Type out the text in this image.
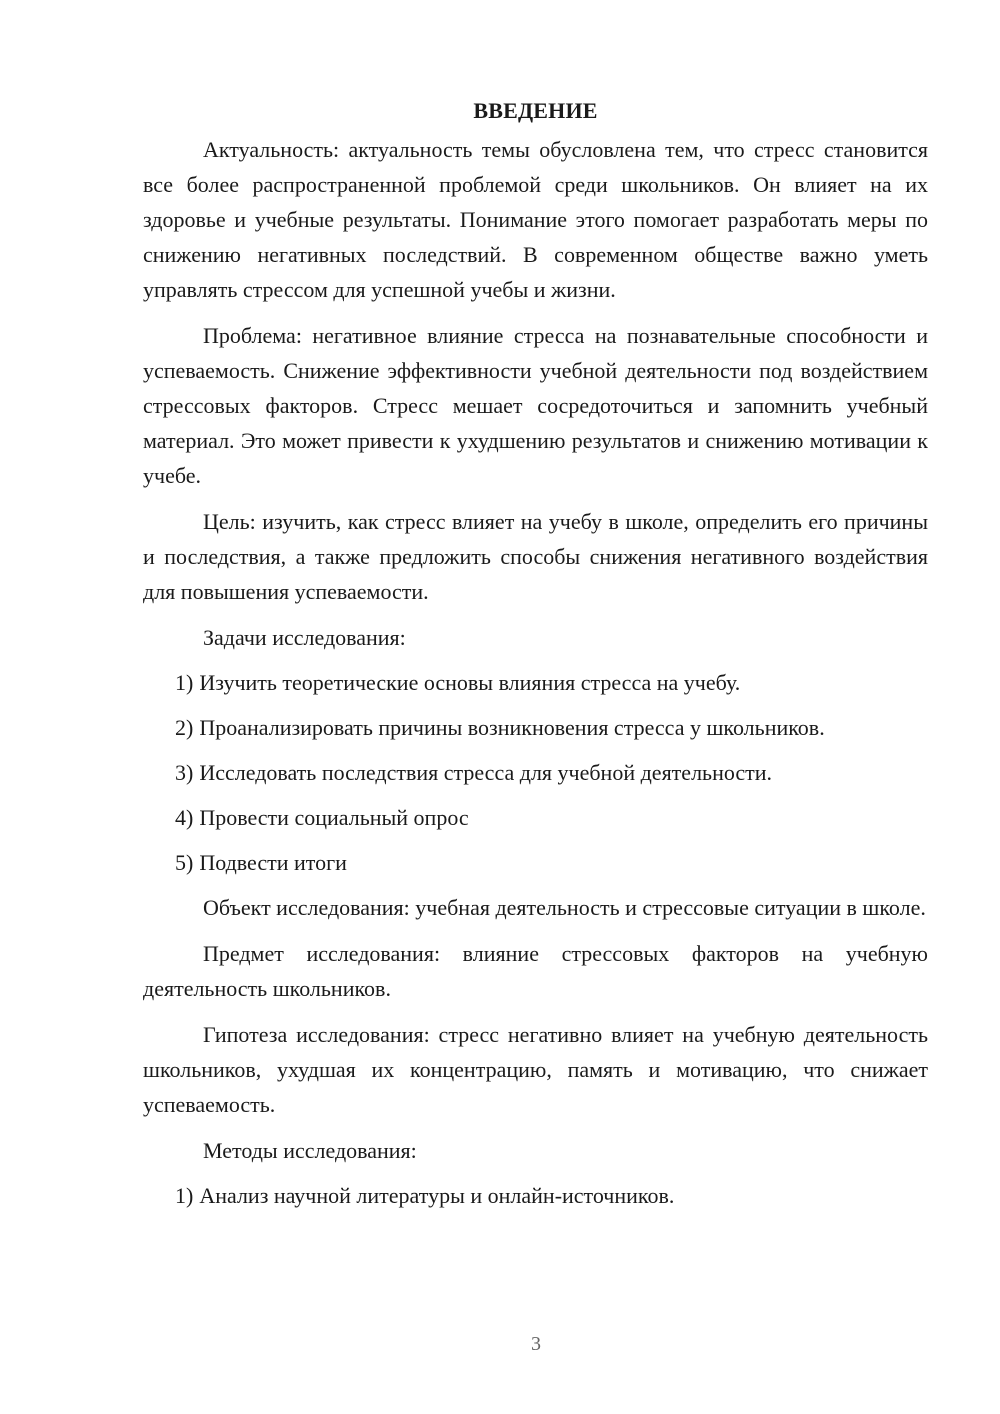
ВВЕДЕНИЕ

Актуальность: актуальность темы обусловлена тем, что стресс становится все более распространенной проблемой среди школьников. Он влияет на их здоровье и учебные результаты. Понимание этого помогает разработать меры по снижению негативных последствий. В современном обществе важно уметь управлять стрессом для успешной учебы и жизни.

Проблема: негативное влияние стресса на познавательные способности и успеваемость. Снижение эффективности учебной деятельности под воздействием стрессовых факторов. Стресс мешает сосредоточиться и запомнить учебный материал. Это может привести к ухудшению результатов и снижению мотивации к учебе.

Цель: изучить, как стресс влияет на учебу в школе, определить его причины и последствия, а также предложить способы снижения негативного воздействия для повышения успеваемости.

Задачи исследования:

1) Изучить теоретические основы влияния стресса на учебу.
2) Проанализировать причины возникновения стресса у школьников.
3) Исследовать последствия стресса для учебной деятельности.
4) Провести социальный опрос
5) Подвести итоги

Объект исследования: учебная деятельность и стрессовые ситуации в школе.

Предмет исследования: влияние стрессовых факторов на учебную деятельность школьников.

Гипотеза исследования: стресс негативно влияет на учебную деятельность школьников, ухудшая их концентрацию, память и мотивацию, что снижает успеваемость.

Методы исследования:

1) Анализ научной литературы и онлайн-источников.
3
